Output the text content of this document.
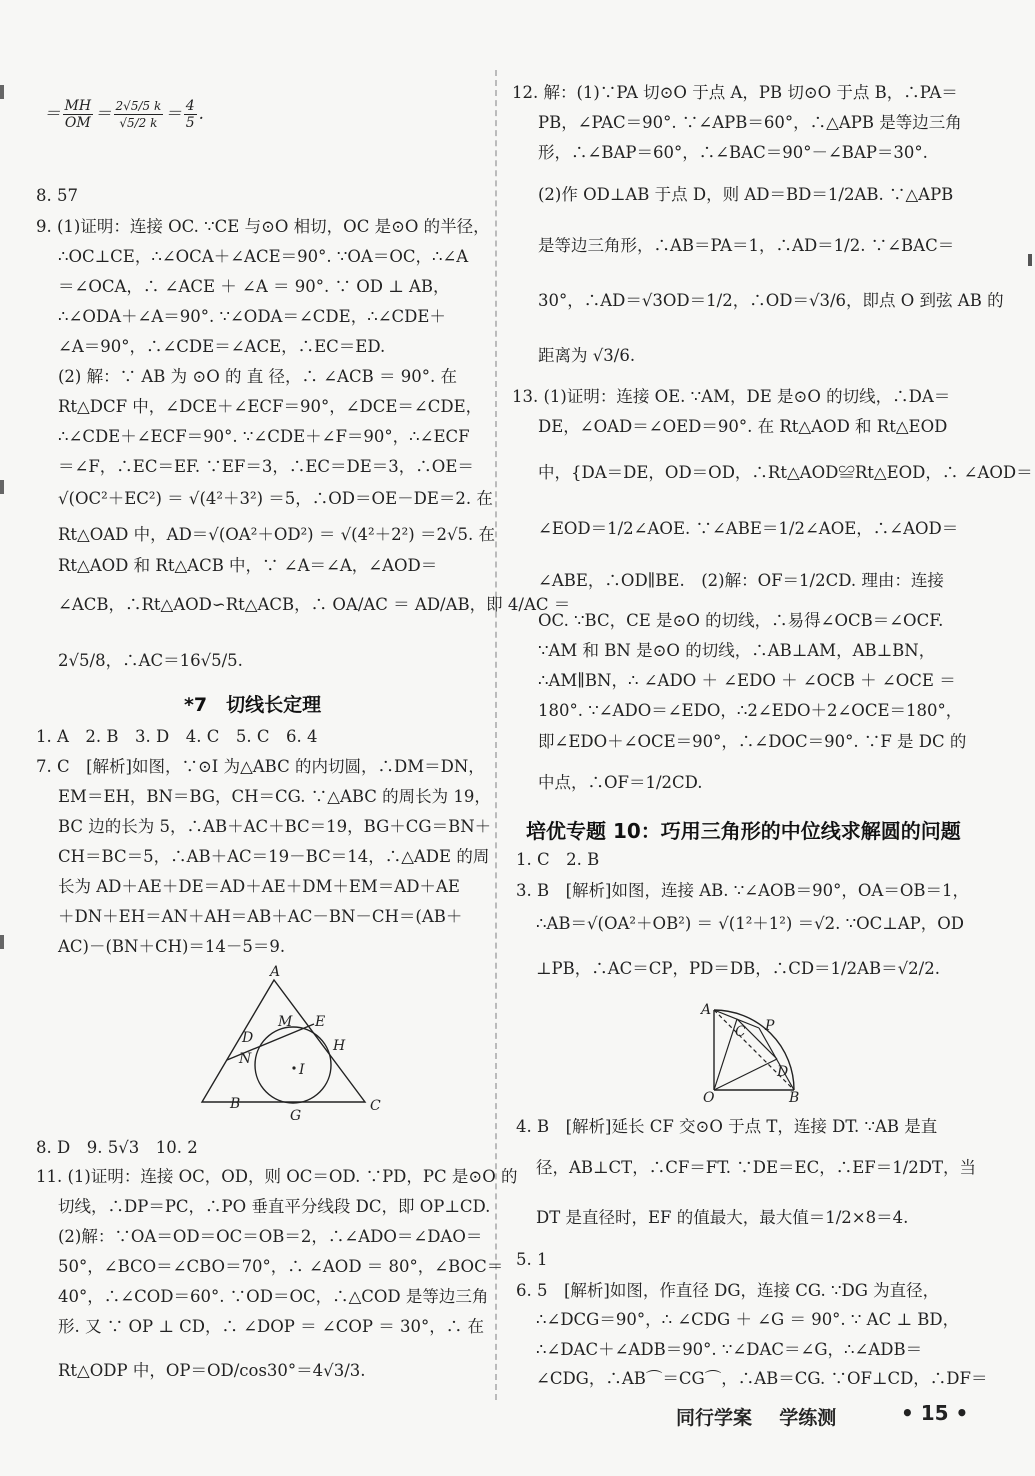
＝ $\frac{MH}{OM} = \frac{2√5/5 k}{√5/2 k} = \frac{4}{5}$ .
8. 57
9. (1)证明：连接 OC. ∵CE 与⊙O 相切，OC 是⊙O 的半径，
∴OC⊥CE，∴∠OCA＋∠ACE＝90°. ∵OA＝OC，∴∠A
＝∠OCA，∴ ∠ACE ＋ ∠A ＝ 90°. ∵ OD ⊥ AB，
∴∠ODA＋∠A＝90°. ∵∠ODA＝∠CDE，∴∠CDE＋
∠A＝90°，∴∠CDE＝∠ACE，∴EC＝ED.
(2) 解：∵ AB 为 ⊙O 的 直 径，∴ ∠ACB ＝ 90°. 在
Rt△DCF 中，∠DCE＋∠ECF＝90°，∠DCE＝∠CDE，
∴∠CDE＋∠ECF＝90°. ∵∠CDE＋∠F＝90°，∴∠ECF
＝∠F，∴EC＝EF. ∵EF＝3，∴EC＝DE＝3，∴OE＝
√(OC²＋EC²) ＝ √(4²＋3²) ＝5，∴OD＝OE－DE＝2. 在
Rt△OAD 中，AD＝√(OA²＋OD²) ＝ √(4²＋2²) ＝2√5. 在
Rt△AOD 和 Rt△ACB 中，∵ ∠A＝∠A，∠AOD＝
∠ACB，∴Rt△AOD∽Rt△ACB，∴ OA/AC ＝ AD/AB，即 4/AC ＝
2√5/8，∴AC＝16√5/5.
*7　切线长定理
1. A　2. B　3. D　4. C　5. C　6. 4
7. C　[解析]如图，∵⊙I 为△ABC 的内切圆，∴DM＝DN，
EM＝EH，BN＝BG，CH＝CG. ∵△ABC 的周长为 19，
BC 边的长为 5，∴AB＋AC＋BC＝19，BG＋CG＝BN＋
CH＝BC＝5，∴AB＋AC＝19－BC＝14，∴△ADE 的周
长为 AD＋AE＋DE＝AD＋AE＋DM＋EM＝AD＋AE
＋DN＋EH＝AN＋AH＝AB＋AC－BN－CH＝(AB＋
AC)－(BN＋CH)＝14－5＝9.
A
M E
D	H
N
I
B
G
C
8. D　9. 5√3　10. 2
11. (1)证明：连接 OC，OD，则 OC＝OD. ∵PD，PC 是⊙O 的
切线，∴DP＝PC，∴PO 垂直平分线段 DC，即 OP⊥CD.
(2)解：∵OA＝OD＝OC＝OB＝2，∴∠ADO＝∠DAO＝
50°，∠BCO＝∠CBO＝70°，∴ ∠AOD ＝ 80°，∠BOC＝
40°，∴∠COD＝60°. ∵OD＝OC，∴△COD 是等边三角
形. 又 ∵ OP ⊥ CD，∴ ∠DOP ＝ ∠COP ＝ 30°，∴ 在
Rt△ODP 中，OP＝OD/cos30°＝4√3/3.
12. 解：(1)∵PA 切⊙O 于点 A，PB 切⊙O 于点 B，∴PA＝
PB，∠PAC＝90°. ∵∠APB＝60°，∴△APB 是等边三角
形，∴∠BAP＝60°，∴∠BAC＝90°－∠BAP＝30°.
(2)作 OD⊥AB 于点 D，则 AD＝BD＝1/2AB. ∵△APB
是等边三角形，∴AB＝PA＝1，∴AD＝1/2. ∵∠BAC＝
30°，∴AD＝√3OD＝1/2，∴OD＝√3/6，即点 O 到弦 AB 的
距离为 √3/6.
13. (1)证明：连接 OE. ∵AM，DE 是⊙O 的切线，∴DA＝
DE，∠OAD＝∠OED＝90°. 在 Rt△AOD 和 Rt△EOD
中，{DA＝DE，OD＝OD，∴Rt△AOD≌Rt△EOD，∴ ∠AOD＝
∠EOD＝1/2∠AOE. ∵∠ABE＝1/2∠AOE，∴∠AOD＝
∠ABE，∴OD∥BE.　(2)解：OF＝1/2CD. 理由：连接
OC. ∵BC，CE 是⊙O 的切线，∴易得∠OCB＝∠OCF.
∵AM 和 BN 是⊙O 的切线，∴AB⊥AM，AB⊥BN，
∴AM∥BN，∴ ∠ADO ＋ ∠EDO ＋ ∠OCB ＋ ∠OCE ＝
180°. ∵∠ADO＝∠EDO，∴2∠EDO＋2∠OCE＝180°，
即∠EDO＋∠OCE＝90°，∴∠DOC＝90°. ∵F 是 DC 的
中点，∴OF＝1/2CD.
培优专题 10：巧用三角形的中位线求解圆的问题
1. C　2. B
3. B　[解析]如图，连接 AB. ∵∠AOB＝90°，OA＝OB＝1，
∴AB＝√(OA²＋OB²) ＝ √(1²＋1²) ＝√2. ∵OC⊥AP，OD
⊥PB，∴AC＝CP，PD＝DB，∴CD＝1/2AB＝√2/2.
A
C P
D
O	B
4. B　[解析]延长 CF 交⊙O 于点 T，连接 DT. ∵AB 是直
径，AB⊥CT，∴CF＝FT. ∵DE＝EC，∴EF＝1/2DT，当
DT 是直径时，EF 的值最大，最大值＝1/2×8＝4.
5. 1
6. 5　[解析]如图，作直径 DG，连接 CG. ∵DG 为直径，
∴∠DCG＝90°，∴ ∠CDG ＋ ∠G ＝ 90°. ∵ AC ⊥ BD，
∴∠DAC＋∠ADB＝90°. ∵∠DAC＝∠G，∴∠ADB＝
∠CDG，∴AB⌒＝CG⌒，∴AB＝CG. ∵OF⊥CD，∴DF＝
同行学案 学练测	• 15 •
